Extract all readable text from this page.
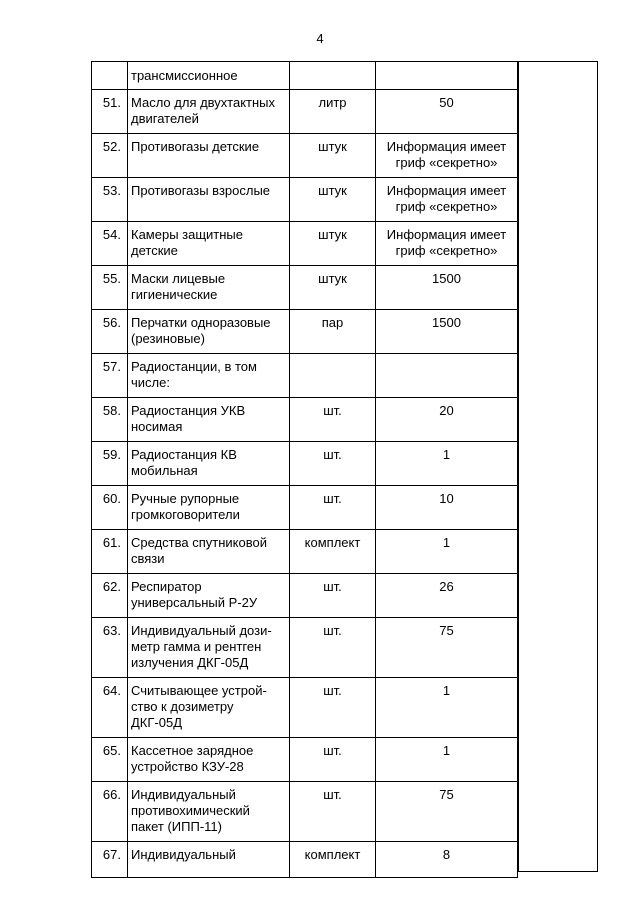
4
	трансмиссионное		
51.	Масло для двухтактных двигателей	литр	50
52.	Противогазы детские	штук	Информация имеет гриф «секретно»
53.	Противогазы взрослые	штук	Информация имеет гриф «секретно»
54.	Камеры защитные детские	штук	Информация имеет гриф «секретно»
55.	Маски лицевые гигиенические	штук	1500
56.	Перчатки одноразовые (резиновые)	пар	1500
57.	Радиостанции, в том числе:		
58.	Радиостанция УКВ носимая	шт.	20
59.	Радиостанция КВ мобильная	шт.	1
60.	Ручные рупорные громкоговорители	шт.	10
61.	Средства спутниковой связи	комплект	1
62.	Респиратор универсальный Р-2У	шт.	26
63.	Индивидуальный дози-метр гамма и рентген излучения ДКГ-05Д	шт.	75
64.	Считывающее устрой-ство к дозиметру ДКГ-05Д	шт.	1
65.	Кассетное зарядное устройство КЗУ-28	шт.	1
66.	Индивидуальный противохимический пакет (ИПП-11)	шт.	75
67.	Индивидуальный	комплект	8
